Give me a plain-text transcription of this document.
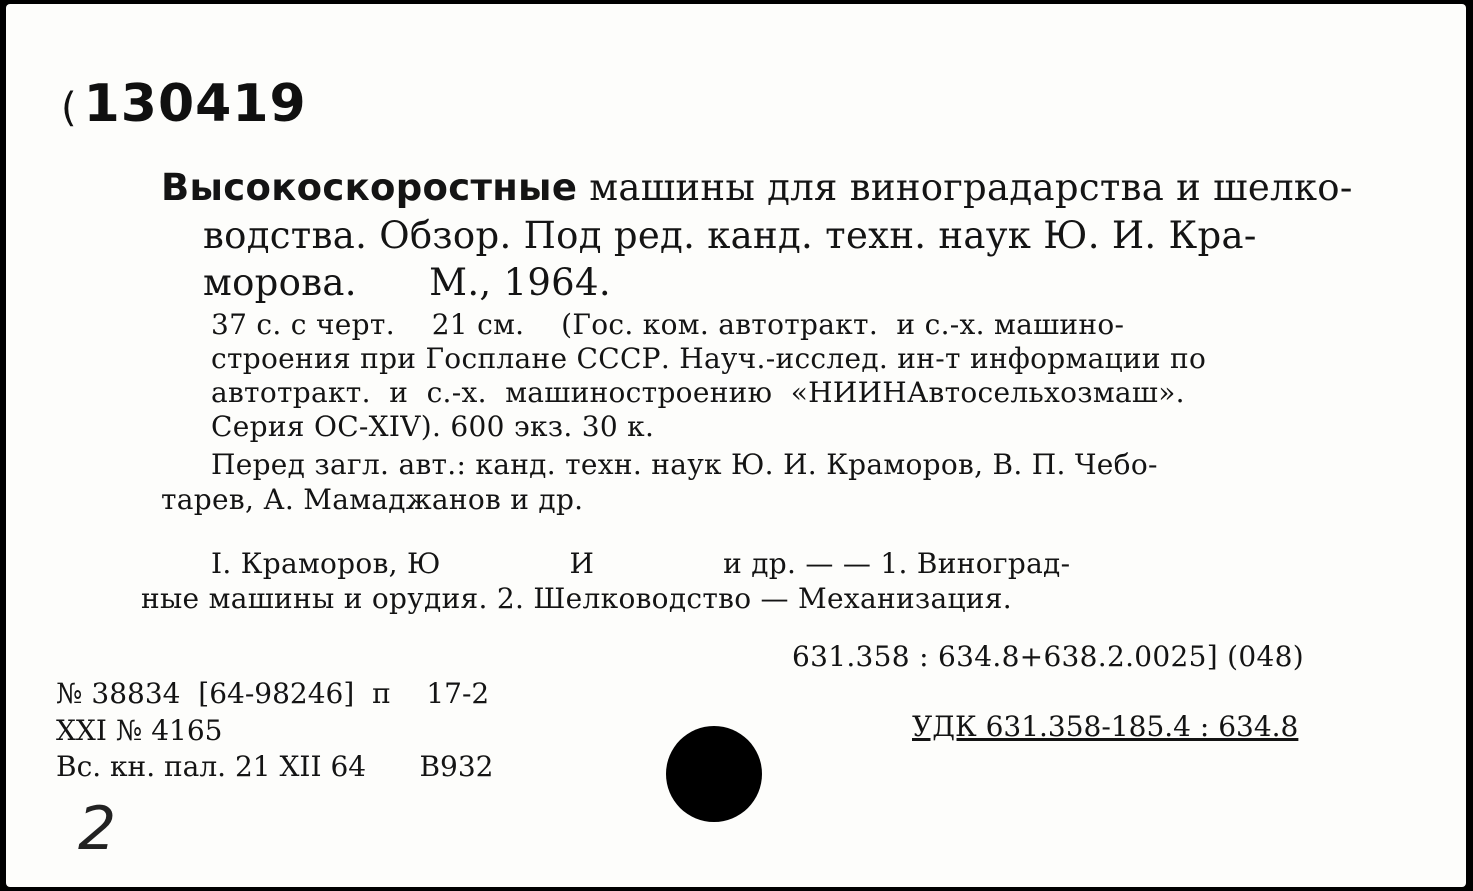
( 130419
Высокоскоростные машины для виноградарства и шелко-
водства. Обзор. Под ред. канд. техн. наук Ю. И. Кра-
морова.      М., 1964.
37 с. с черт.    21 см.    (Гос. ком. автотракт.  и с.-х. машино-
строения при Госплане СССР. Науч.-исслед. ин-т информации по
автотракт.  и  с.-х.  машиностроению  «НИИНАвтосельхозмаш».
Серия ОС-XIV). 600 экз. 30 к.
Перед загл. авт.: канд. техн. наук Ю. И. Краморов, В. П. Чебо-
тарев, А. Мамаджанов и др.
I. Краморов, Ю              И              и др. — — 1. Виноград-
ные машины и орудия. 2. Шелководство — Механизация.
631.358 : 634.8+638.2.0025] (048)
№ 38834  [64-98246]  п    17-2
XXI № 4165
Вс. кн. пал. 21 XII 64      В932
УДК 631.358-185.4 : 634.8
2
